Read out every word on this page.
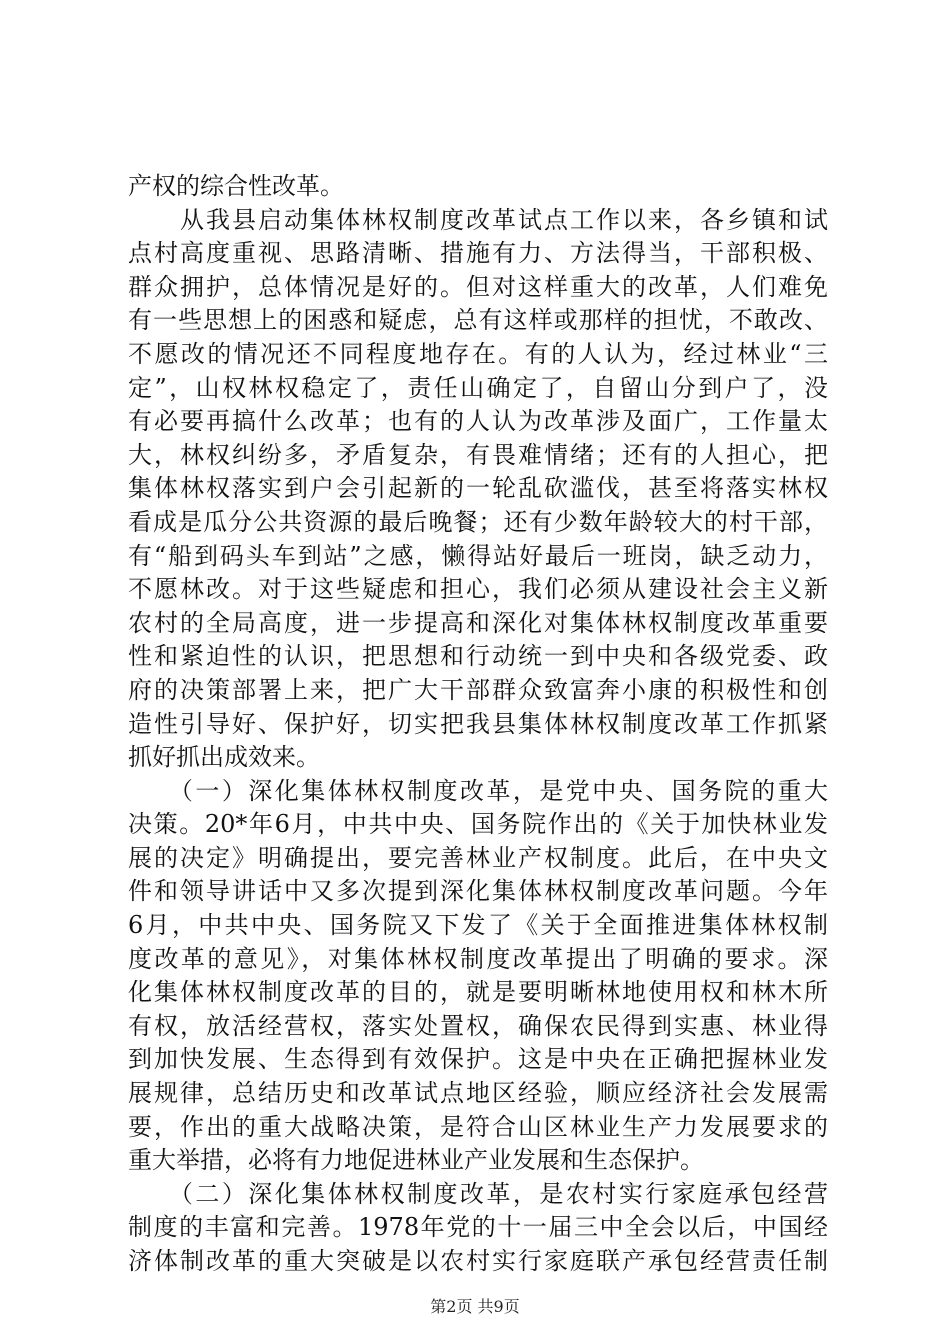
产权的综合性改革。
　　从我县启动集体林权制度改革试点工作以来，各乡镇和试
点村高度重视、思路清晰、措施有力、方法得当，干部积极、
群众拥护，总体情况是好的。但对这样重大的改革，人们难免
有一些思想上的困惑和疑虑，总有这样或那样的担忧，不敢改、
不愿改的情况还不同程度地存在。有的人认为，经过林业“三
定”，山权林权稳定了，责任山确定了，自留山分到户了，没
有必要再搞什么改革；也有的人认为改革涉及面广，工作量太
大，林权纠纷多，矛盾复杂，有畏难情绪；还有的人担心，把
集体林权落实到户会引起新的一轮乱砍滥伐，甚至将落实林权
看成是瓜分公共资源的最后晚餐；还有少数年龄较大的村干部，
有“船到码头车到站”之感，懒得站好最后一班岗，缺乏动力，
不愿林改。对于这些疑虑和担心，我们必须从建设社会主义新
农村的全局高度，进一步提高和深化对集体林权制度改革重要
性和紧迫性的认识，把思想和行动统一到中央和各级党委、政
府的决策部署上来，把广大干部群众致富奔小康的积极性和创
造性引导好、保护好，切实把我县集体林权制度改革工作抓紧
抓好抓出成效来。
　　（一）深化集体林权制度改革，是党中央、国务院的重大
决策。20*年6月，中共中央、国务院作出的《关于加快林业发
展的决定》明确提出，要完善林业产权制度。此后，在中央文
件和领导讲话中又多次提到深化集体林权制度改革问题。今年
6月，中共中央、国务院又下发了《关于全面推进集体林权制
度改革的意见》，对集体林权制度改革提出了明确的要求。深
化集体林权制度改革的目的，就是要明晰林地使用权和林木所
有权，放活经营权，落实处置权，确保农民得到实惠、林业得
到加快发展、生态得到有效保护。这是中央在正确把握林业发
展规律，总结历史和改革试点地区经验，顺应经济社会发展需
要，作出的重大战略决策，是符合山区林业生产力发展要求的
重大举措，必将有力地促进林业产业发展和生态保护。
　　（二）深化集体林权制度改革，是农村实行家庭承包经营
制度的丰富和完善。1978年党的十一届三中全会以后，中国经
济体制改革的重大突破是以农村实行家庭联产承包经营责任制
第2页 共9页
